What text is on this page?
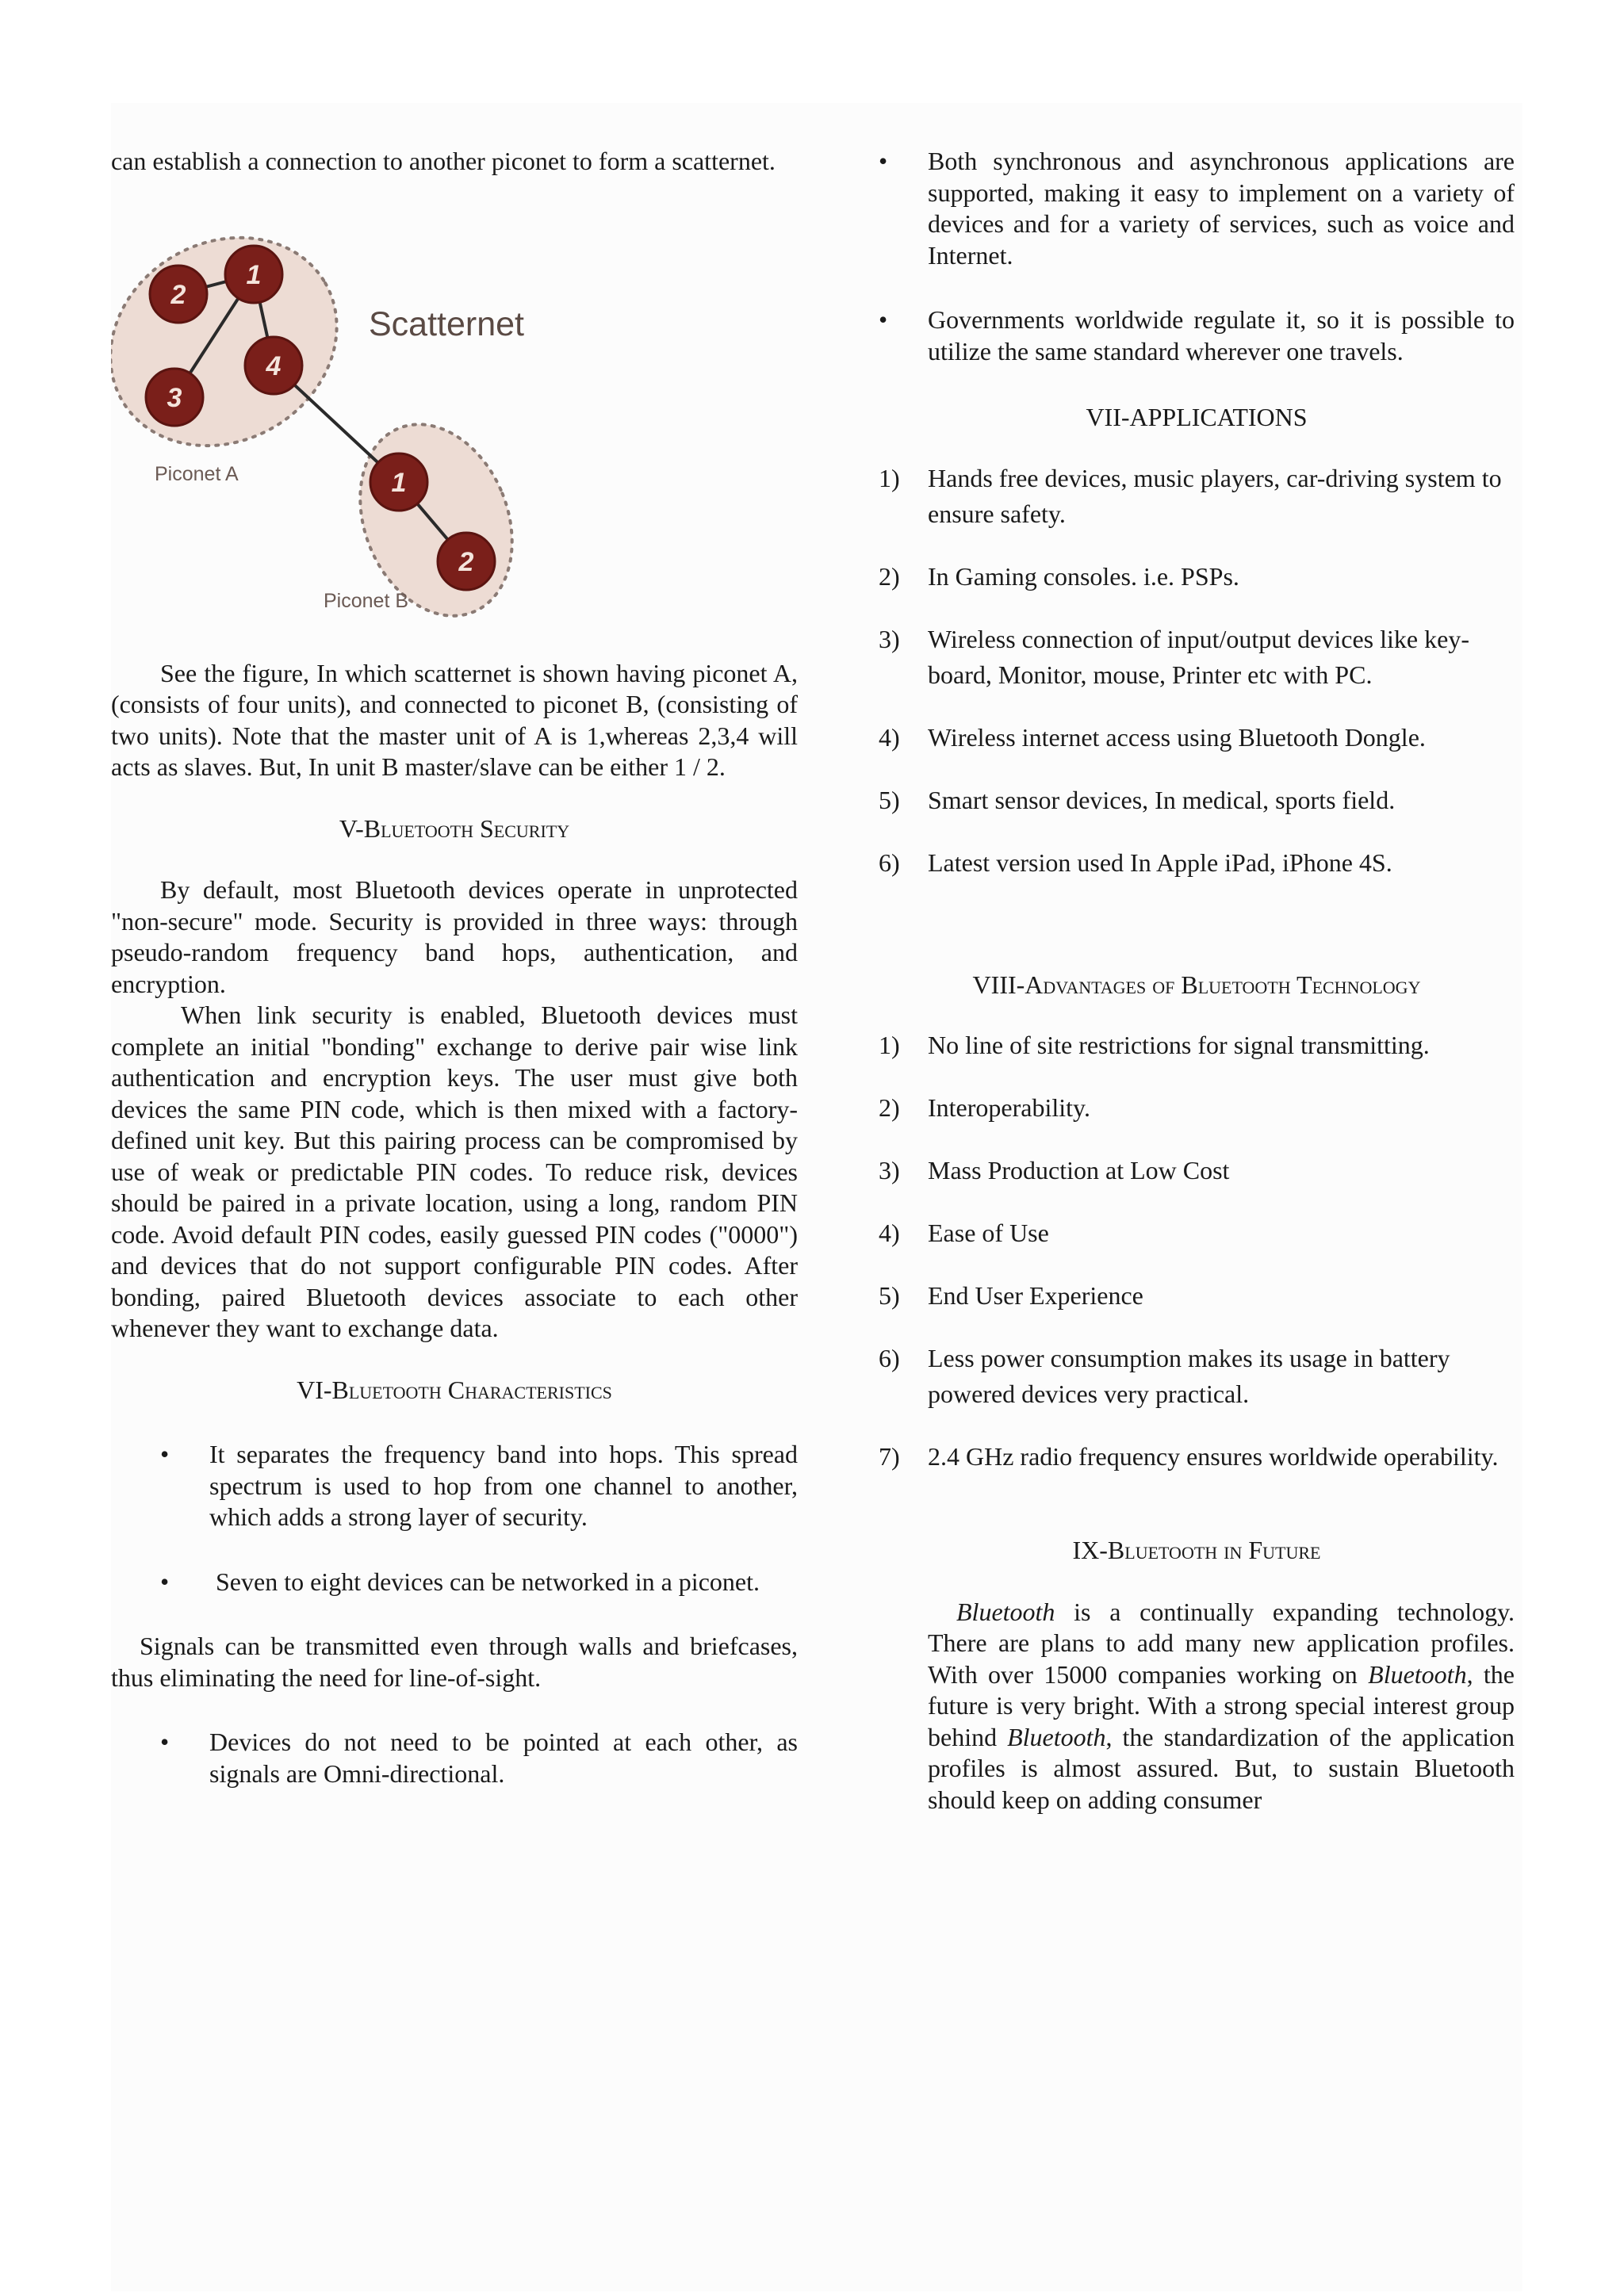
can establish a connection to another piconet to form a scatternet.

2
1
3
4
1
2
Scatternet
Piconet A
Piconet B

See the figure, In which scatternet is shown having piconet A, (consists of four units), and connected to piconet B, (consisting of two units). Note that the master unit of A is 1,whereas 2,3,4 will acts as slaves. But, In unit B master/slave can be either 1 / 2.

V-Bluetooth Security

By default, most Bluetooth devices operate in unprotected "non-secure" mode. Security is provided in three ways: through pseudo-random frequency band hops, authentication, and encryption.

When link security is enabled, Bluetooth devices must complete an initial "bonding" exchange to derive pair wise link authentication and encryption keys. The user must give both devices the same PIN code, which is then mixed with a factory-defined unit key. But this pairing process can be compromised by use of weak or predictable PIN codes. To reduce risk, devices should be paired in a private location, using a long, random PIN code. Avoid default PIN codes, easily guessed PIN codes ("0000") and devices that do not support configurable PIN codes. After bonding, paired Bluetooth devices associate to each other whenever they want to exchange data.

VI-Bluetooth Characteristics

• It separates the frequency band into hops. This spread spectrum is used to hop from one channel to another, which adds a strong layer of security.
• Seven to eight devices can be networked in a piconet.

Signals can be transmitted even through walls and briefcases, thus eliminating the need for line-of-sight.

• Devices do not need to be pointed at each other, as signals are Omni-directional.
• Both synchronous and asynchronous applications are supported, making it easy to implement on a variety of devices and for a variety of services, such as voice and Internet.
• Governments worldwide regulate it, so it is possible to utilize the same standard wherever one travels.

VII-APPLICATIONS

1) Hands free devices, music players, car-driving system to ensure safety.
2) In Gaming consoles. i.e. PSPs.
3) Wireless connection of input/output devices like key-board, Monitor, mouse, Printer etc with PC.
4) Wireless internet access using Bluetooth Dongle.
5) Smart sensor devices, In medical, sports field.
6) Latest version used In Apple iPad, iPhone 4S.

VIII-Advantages of Bluetooth Technology

1) No line of site restrictions for signal transmitting.
2) Interoperability.
3) Mass Production at Low Cost
4) Ease of Use
5) End User Experience
6) Less power consumption makes its usage in battery powered devices very practical.
7) 2.4 GHz radio frequency ensures worldwide operability.

IX-Bluetooth in Future

Bluetooth is a continually expanding technology. There are plans to add many new application profiles. With over 15000 companies working on Bluetooth, the future is very bright. With a strong special interest group behind Bluetooth, the standardization of the application profiles is almost assured. But, to sustain Bluetooth should keep on adding consumer
